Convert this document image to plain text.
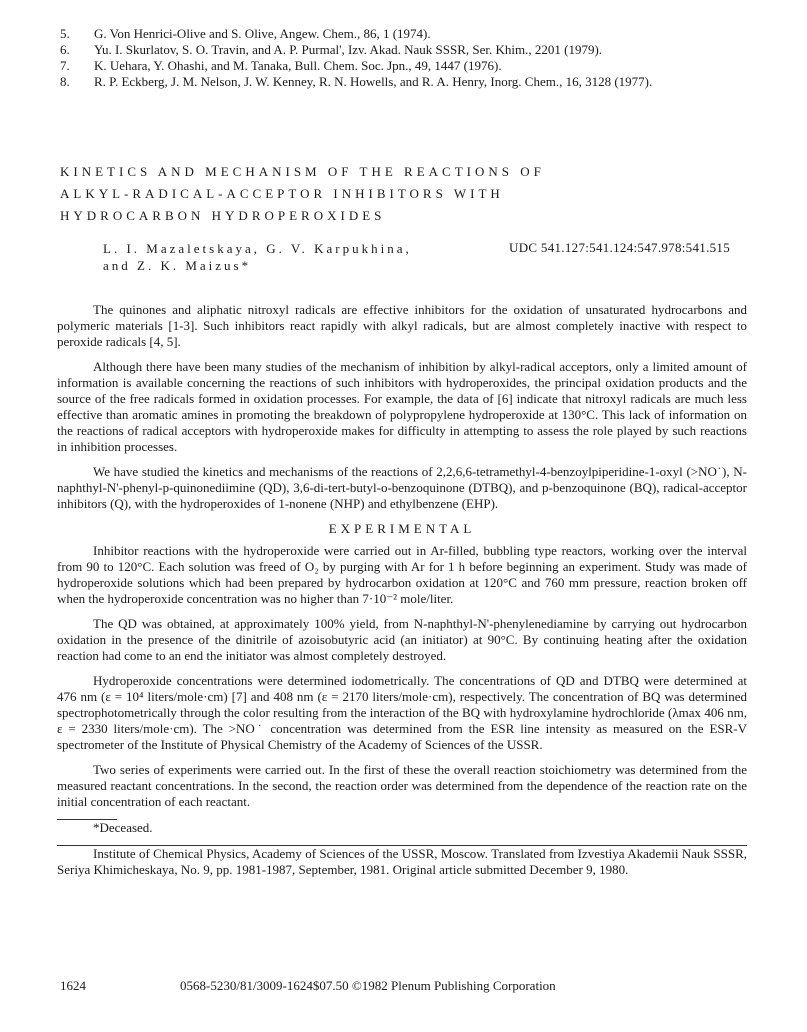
5.	G. Von Henrici-Olive and S. Olive, Angew. Chem., 86, 1 (1974).
6.	Yu. I. Skurlatov, S. O. Travin, and A. P. Purmal', Izv. Akad. Nauk SSSR, Ser. Khim., 2201 (1979).
7.	K. Uehara, Y. Ohashi, and M. Tanaka, Bull. Chem. Soc. Jpn., 49, 1447 (1976).
8.	R. P. Eckberg, J. M. Nelson, J. W. Kenney, R. N. Howells, and R. A. Henry, Inorg. Chem., 16, 3128 (1977).
KINETICS AND MECHANISM OF THE REACTIONS OF
ALKYL-RADICAL-ACCEPTOR INHIBITORS WITH
HYDROCARBON HYDROPEROXIDES
L. I. Mazaletskaya, G. V. Karpukhina,
and Z. K. Maizus*
UDC 541.127:541.124:547.978:541.515

The quinones and aliphatic nitroxyl radicals are effective inhibitors for the oxidation of unsaturated hydrocarbons and polymeric materials [1-3]. Such inhibitors react rapidly with alkyl radicals, but are almost completely inactive with respect to peroxide radicals [4, 5].

Although there have been many studies of the mechanism of inhibition by alkyl-radical acceptors, only a limited amount of information is available concerning the reactions of such inhibitors with hydroperoxides, the principal oxidation products and the source of the free radicals formed in oxidation processes. For example, the data of [6] indicate that nitroxyl radicals are much less effective than aromatic amines in promoting the breakdown of polypropylene hydroperoxide at 130°C. This lack of information on the reactions of radical acceptors with hydroperoxide makes for difficulty in attempting to assess the role played by such reactions in inhibition processes.

We have studied the kinetics and mechanisms of the reactions of 2,2,6,6-tetramethyl-4-benzoylpiperidine-1-oxyl (>NO˙), N-naphthyl-N'-phenyl-p-quinonediimine (QD), 3,6-di-tert-butyl-o-benzoquinone (DTBQ), and p-benzoquinone (BQ), radical-acceptor inhibitors (Q), with the hydroperoxides of 1-nonene (NHP) and ethylbenzene (EHP).

EXPERIMENTAL

Inhibitor reactions with the hydroperoxide were carried out in Ar-filled, bubbling type reactors, working over the interval from 90 to 120°C. Each solution was freed of O₂ by purging with Ar for 1 h before beginning an experiment. Study was made of hydroperoxide solutions which had been prepared by hydrocarbon oxidation at 120°C and 760 mm pressure, reaction broken off when the hydroperoxide concentration was no higher than 7·10⁻² mole/liter.

The QD was obtained, at approximately 100% yield, from N-naphthyl-N'-phenylenediamine by carrying out hydrocarbon oxidation in the presence of the dinitrile of azoisobutyric acid (an initiator) at 90°C. By continuing heating after the oxidation reaction had come to an end the initiator was almost completely destroyed.

Hydroperoxide concentrations were determined iodometrically. The concentrations of QD and DTBQ were determined at 476 nm (ε = 10⁴ liters/mole·cm) [7] and 408 nm (ε = 2170 liters/mole·cm), respectively. The concentration of BQ was determined spectrophotometrically through the color resulting from the interaction of the BQ with hydroxylamine hydrochloride (λmax 406 nm, ε = 2330 liters/mole·cm). The >NO˙ concentration was determined from the ESR line intensity as measured on the ESR-V spectrometer of the Institute of Physical Chemistry of the Academy of Sciences of the USSR.

Two series of experiments were carried out. In the first of these the overall reaction stoichiometry was determined from the measured reactant concentrations. In the second, the reaction order was determined from the dependence of the reaction rate on the initial concentration of each reactant.

*Deceased.

Institute of Chemical Physics, Academy of Sciences of the USSR, Moscow. Translated from Izvestiya Akademii Nauk SSSR, Seriya Khimicheskaya, No. 9, pp. 1981-1987, September, 1981. Original article submitted December 9, 1980.

1624	0568-5230/81/3009-1624$07.50 ©1982 Plenum Publishing Corporation
